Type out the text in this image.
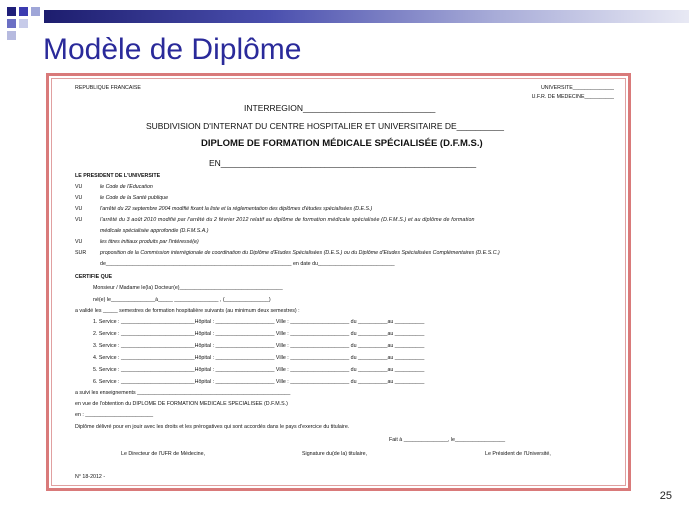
Modèle de Diplôme
REPUBLIQUE FRANCAISE	UNIVERSITE______________
U.F.R. DE MEDECINE__________
INTERREGION____________________________
SUBDIVISION D'INTERNAT DU CENTRE HOSPITALIER ET UNIVERSITAIRE DE__________
DIPLOME DE FORMATION MÉDICALE SPÉCIALISÉE (D.F.M.S.)
EN______________________________________________________
LE PRESIDENT DE L'UNIVERSITE
VU	le Code de l'Education
VU	le Code de la Santé publique
VU	l'arrêté du 22 septembre 2004 modifié fixant la liste et la réglementation des diplômes d'études spécialisées (D.E.S.)
VU	l'arrêté du 3 août 2010 modifié par l'arrêté du 2 février 2012 relatif au diplôme de formation médicale spécialisée (D.F.M.S.) et au diplôme de formation
médicale spécialisée approfondie (D.F.M.S.A.)
VU	les titres initiaux produits par l'intéressé(e)
SUR	proposition de la Commission interrégionale de coordination du Diplôme d'Etudes Spécialisées (D.E.S.) ou du Diplôme d'Etudes Spécialisées Complémentaires (D.E.S.C.)
de_______________________________________________________________ en date du__________________________
CERTIFIE QUE
Monsieur / Madame le(la) Docteur(e)___________________________________
né(e) le_______________à_____ _______________ , (_______________)
a validé les _____ semestres de formation hospitalière suivants (au minimum deux semestres) :
1. Service : _________________________Hôpital : ____________________ Ville : ____________________ du __________au __________
2. Service : _________________________Hôpital : ____________________ Ville : ____________________ du __________au __________
3. Service : _________________________Hôpital : ____________________ Ville : ____________________ du __________au __________
4. Service : _________________________Hôpital : ____________________ Ville : ____________________ du __________au __________
5. Service : _________________________Hôpital : ____________________ Ville : ____________________ du __________au __________
6. Service : _________________________Hôpital : ____________________ Ville : ____________________ du __________au __________
a suivi les enseignements ____________________________________________________
en vue de l'obtention du DIPLOME DE FORMATION MEDICALE SPECIALISEE (D.F.M.S.)
en : _______________________
Diplôme délivré pour en jouir avec les droits et les prérogatives qui sont accordés dans le pays d'exercice du titulaire.
Fait à _______________, le_________________
Le Directeur de l'UFR de Médecine,	Signature du(de la) titulaire,	Le Président de l'Université,
N° 18-2012 -
25
